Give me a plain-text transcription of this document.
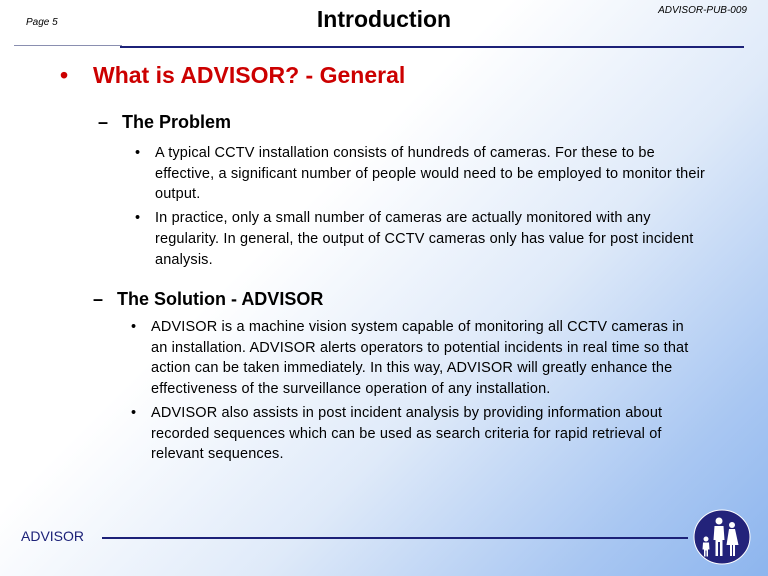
Page 5	Introduction	ADVISOR-PUB-009
• What is ADVISOR? - General
– The Problem
• A typical CCTV installation consists of hundreds of cameras. For these to be effective, a significant number of people would need to be employed to monitor their output.
• In practice, only a small number of cameras are actually monitored with any regularity. In general, the output of CCTV cameras only has value for post incident analysis.
– The Solution - ADVISOR
• ADVISOR is a machine vision system capable of monitoring all CCTV cameras in an installation. ADVISOR alerts operators to potential incidents in real time so that action can be taken immediately. In this way, ADVISOR will greatly enhance the effectiveness of the surveillance operation of any installation.
• ADVISOR also assists in post incident analysis by providing information about recorded sequences which can be used as search criteria for rapid retrieval of relevant sequences.
ADVISOR
